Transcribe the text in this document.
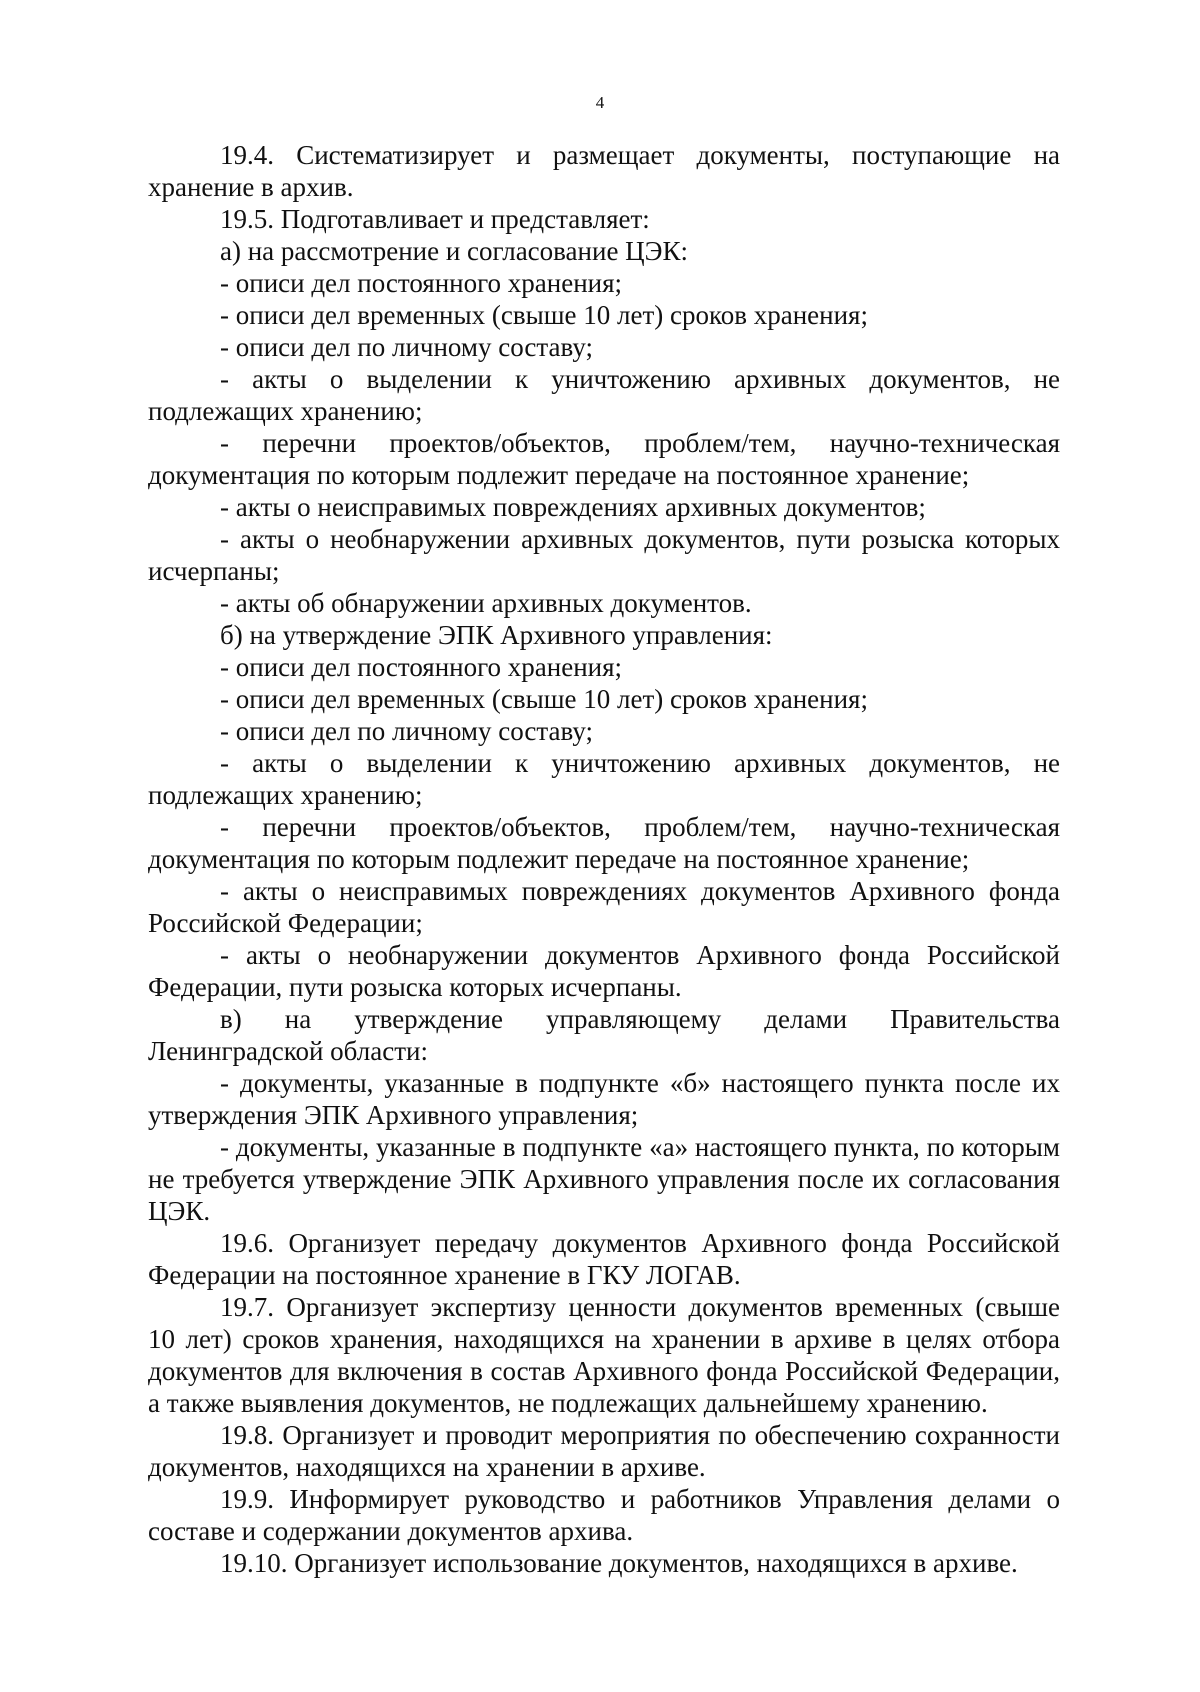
4

19.4. Систематизирует и размещает документы, поступающие на хранение в архив.

19.5. Подготавливает и представляет:

а) на рассмотрение и согласование ЦЭК:

- описи дел постоянного хранения;

- описи дел временных (свыше 10 лет) сроков хранения;

- описи дел по личному составу;

- акты о выделении к уничтожению архивных документов, не подлежащих хранению;

- перечни проектов/объектов, проблем/тем, научно-техническая документация по которым подлежит передаче на постоянное хранение;

- акты о неисправимых повреждениях архивных документов;

- акты о необнаружении архивных документов, пути розыска которых исчерпаны;

- акты об обнаружении архивных документов.

б) на утверждение ЭПК Архивного управления:

- описи дел постоянного хранения;

- описи дел временных (свыше 10 лет) сроков хранения;

- описи дел по личному составу;

- акты о выделении к уничтожению архивных документов, не подлежащих хранению;

- перечни проектов/объектов, проблем/тем, научно-техническая документация по которым подлежит передаче на постоянное хранение;

- акты о неисправимых повреждениях документов Архивного фонда Российской Федерации;

- акты о необнаружении документов Архивного фонда Российской Федерации, пути розыска которых исчерпаны.

в) на утверждение управляющему делами Правительства Ленинградской области:

- документы, указанные в подпункте «б» настоящего пункта после их утверждения ЭПК Архивного управления;

- документы, указанные в подпункте «а» настоящего пункта, по которым не требуется утверждение ЭПК Архивного управления после их согласования ЦЭК.

19.6. Организует передачу документов Архивного фонда Российской Федерации на постоянное хранение в ГКУ ЛОГАВ.

19.7. Организует экспертизу ценности документов временных (свыше 10 лет) сроков хранения, находящихся на хранении в архиве в целях отбора документов для включения в состав Архивного фонда Российской Федерации, а также выявления документов, не подлежащих дальнейшему хранению.

19.8. Организует и проводит мероприятия по обеспечению сохранности документов, находящихся на хранении в архиве.

19.9. Информирует руководство и работников Управления делами о составе и содержании документов архива.

19.10. Организует использование документов, находящихся в архиве.
